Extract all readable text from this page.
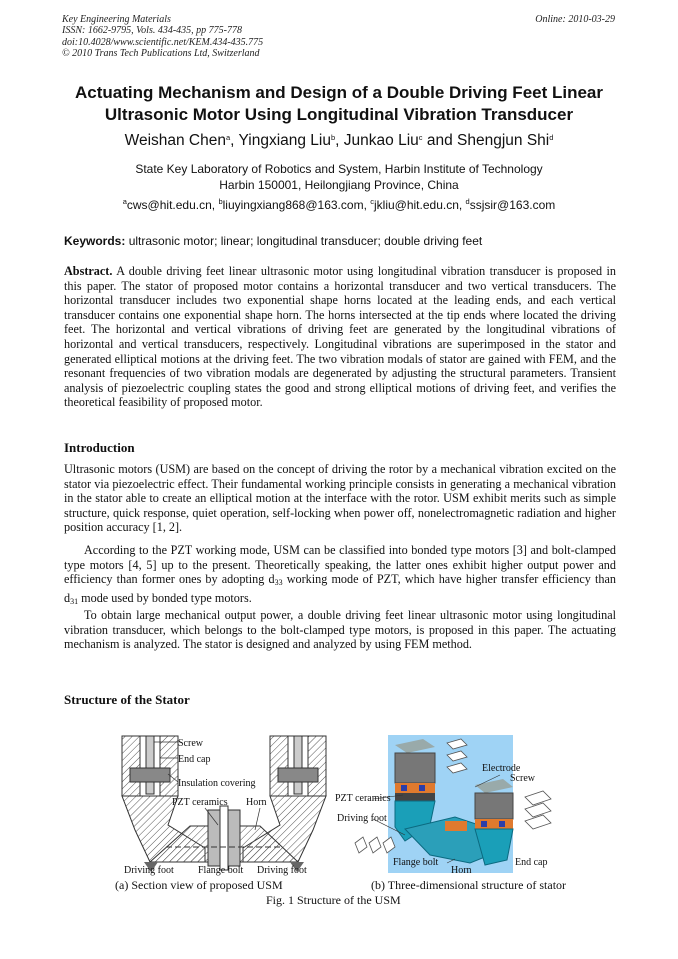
Key Engineering Materials
ISSN: 1662-9795, Vols. 434-435, pp 775-778
doi:10.4028/www.scientific.net/KEM.434-435.775
© 2010 Trans Tech Publications Ltd, Switzerland
Online: 2010-03-29
Actuating Mechanism and Design of a Double Driving Feet Linear
Ultrasonic Motor Using Longitudinal Vibration Transducer
Weishan Chen$^a$, Yingxiang Liu$^b$, Junkao Liu$^c$ and Shengjun Shi$^d$
State Key Laboratory of Robotics and System, Harbin Institute of Technology
Harbin 150001, Heilongjiang Province, China
$^a$cws@hit.edu.cn, $^b$liuyingxiang868@163.com, $^c$jkliu@hit.edu.cn, $^d$ssjsir@163.com
Keywords: ultrasonic motor; linear; longitudinal transducer; double driving feet
Abstract. A double driving feet linear ultrasonic motor using longitudinal vibration transducer is proposed in this paper. The stator of proposed motor contains a horizontal transducer and two vertical transducers. The horizontal transducer includes two exponential shape horns located at the leading ends, and each vertical transducer contains one exponential shape horn. The horns intersected at the tip ends where located the driving feet. The horizontal and vertical vibrations of driving feet are generated by the longitudinal vibrations of horizontal and vertical transducers, respectively. Longitudinal vibrations are superimposed in the stator and generated elliptical motions at the driving feet. The two vibration modals of stator are gained with FEM, and the resonant frequencies of two vibration modals are degenerated by adjusting the structural parameters. Transient analysis of piezoelectric coupling states the good and strong elliptical motions of driving feet, and verifies the theoretical feasibility of proposed motor.
Introduction
Ultrasonic motors (USM) are based on the concept of driving the rotor by a mechanical vibration excited on the stator via piezoelectric effect. Their fundamental working principle consists in generating a mechanical vibration in the stator able to create an elliptical motion at the interface with the rotor. USM exhibit merits such as simple structure, quick response, quiet operation, self-locking when power off, nonelectromagnetic radiation and higher position accuracy [1, 2].
According to the PZT working mode, USM can be classified into bonded type motors [3] and bolt-clamped type motors [4, 5] up to the present. Theoretically speaking, the latter ones exhibit higher output power and efficiency than former ones by adopting $d_{33}$ working mode of PZT, which have higher transfer efficiency than $d_{31}$ mode used by bonded type motors.
To obtain large mechanical output power, a double driving feet linear ultrasonic motor using longitudinal vibration transducer, which belongs to the bolt-clamped type motors, is proposed in this paper. The actuating mechanism is analyzed. The stator is designed and analyzed by using FEM method.
Structure of the Stator
Screw
End cap
Insulation covering
PZT ceramics Horn
Driving foot Flange bolt Driving foot
Electrode
Screw
PZT ceramics
Driving foot
Flange bolt
Horn
End cap
(a) Section view of proposed USM	(b) Three-dimensional structure of stator
Fig. 1 Structure of the USM
